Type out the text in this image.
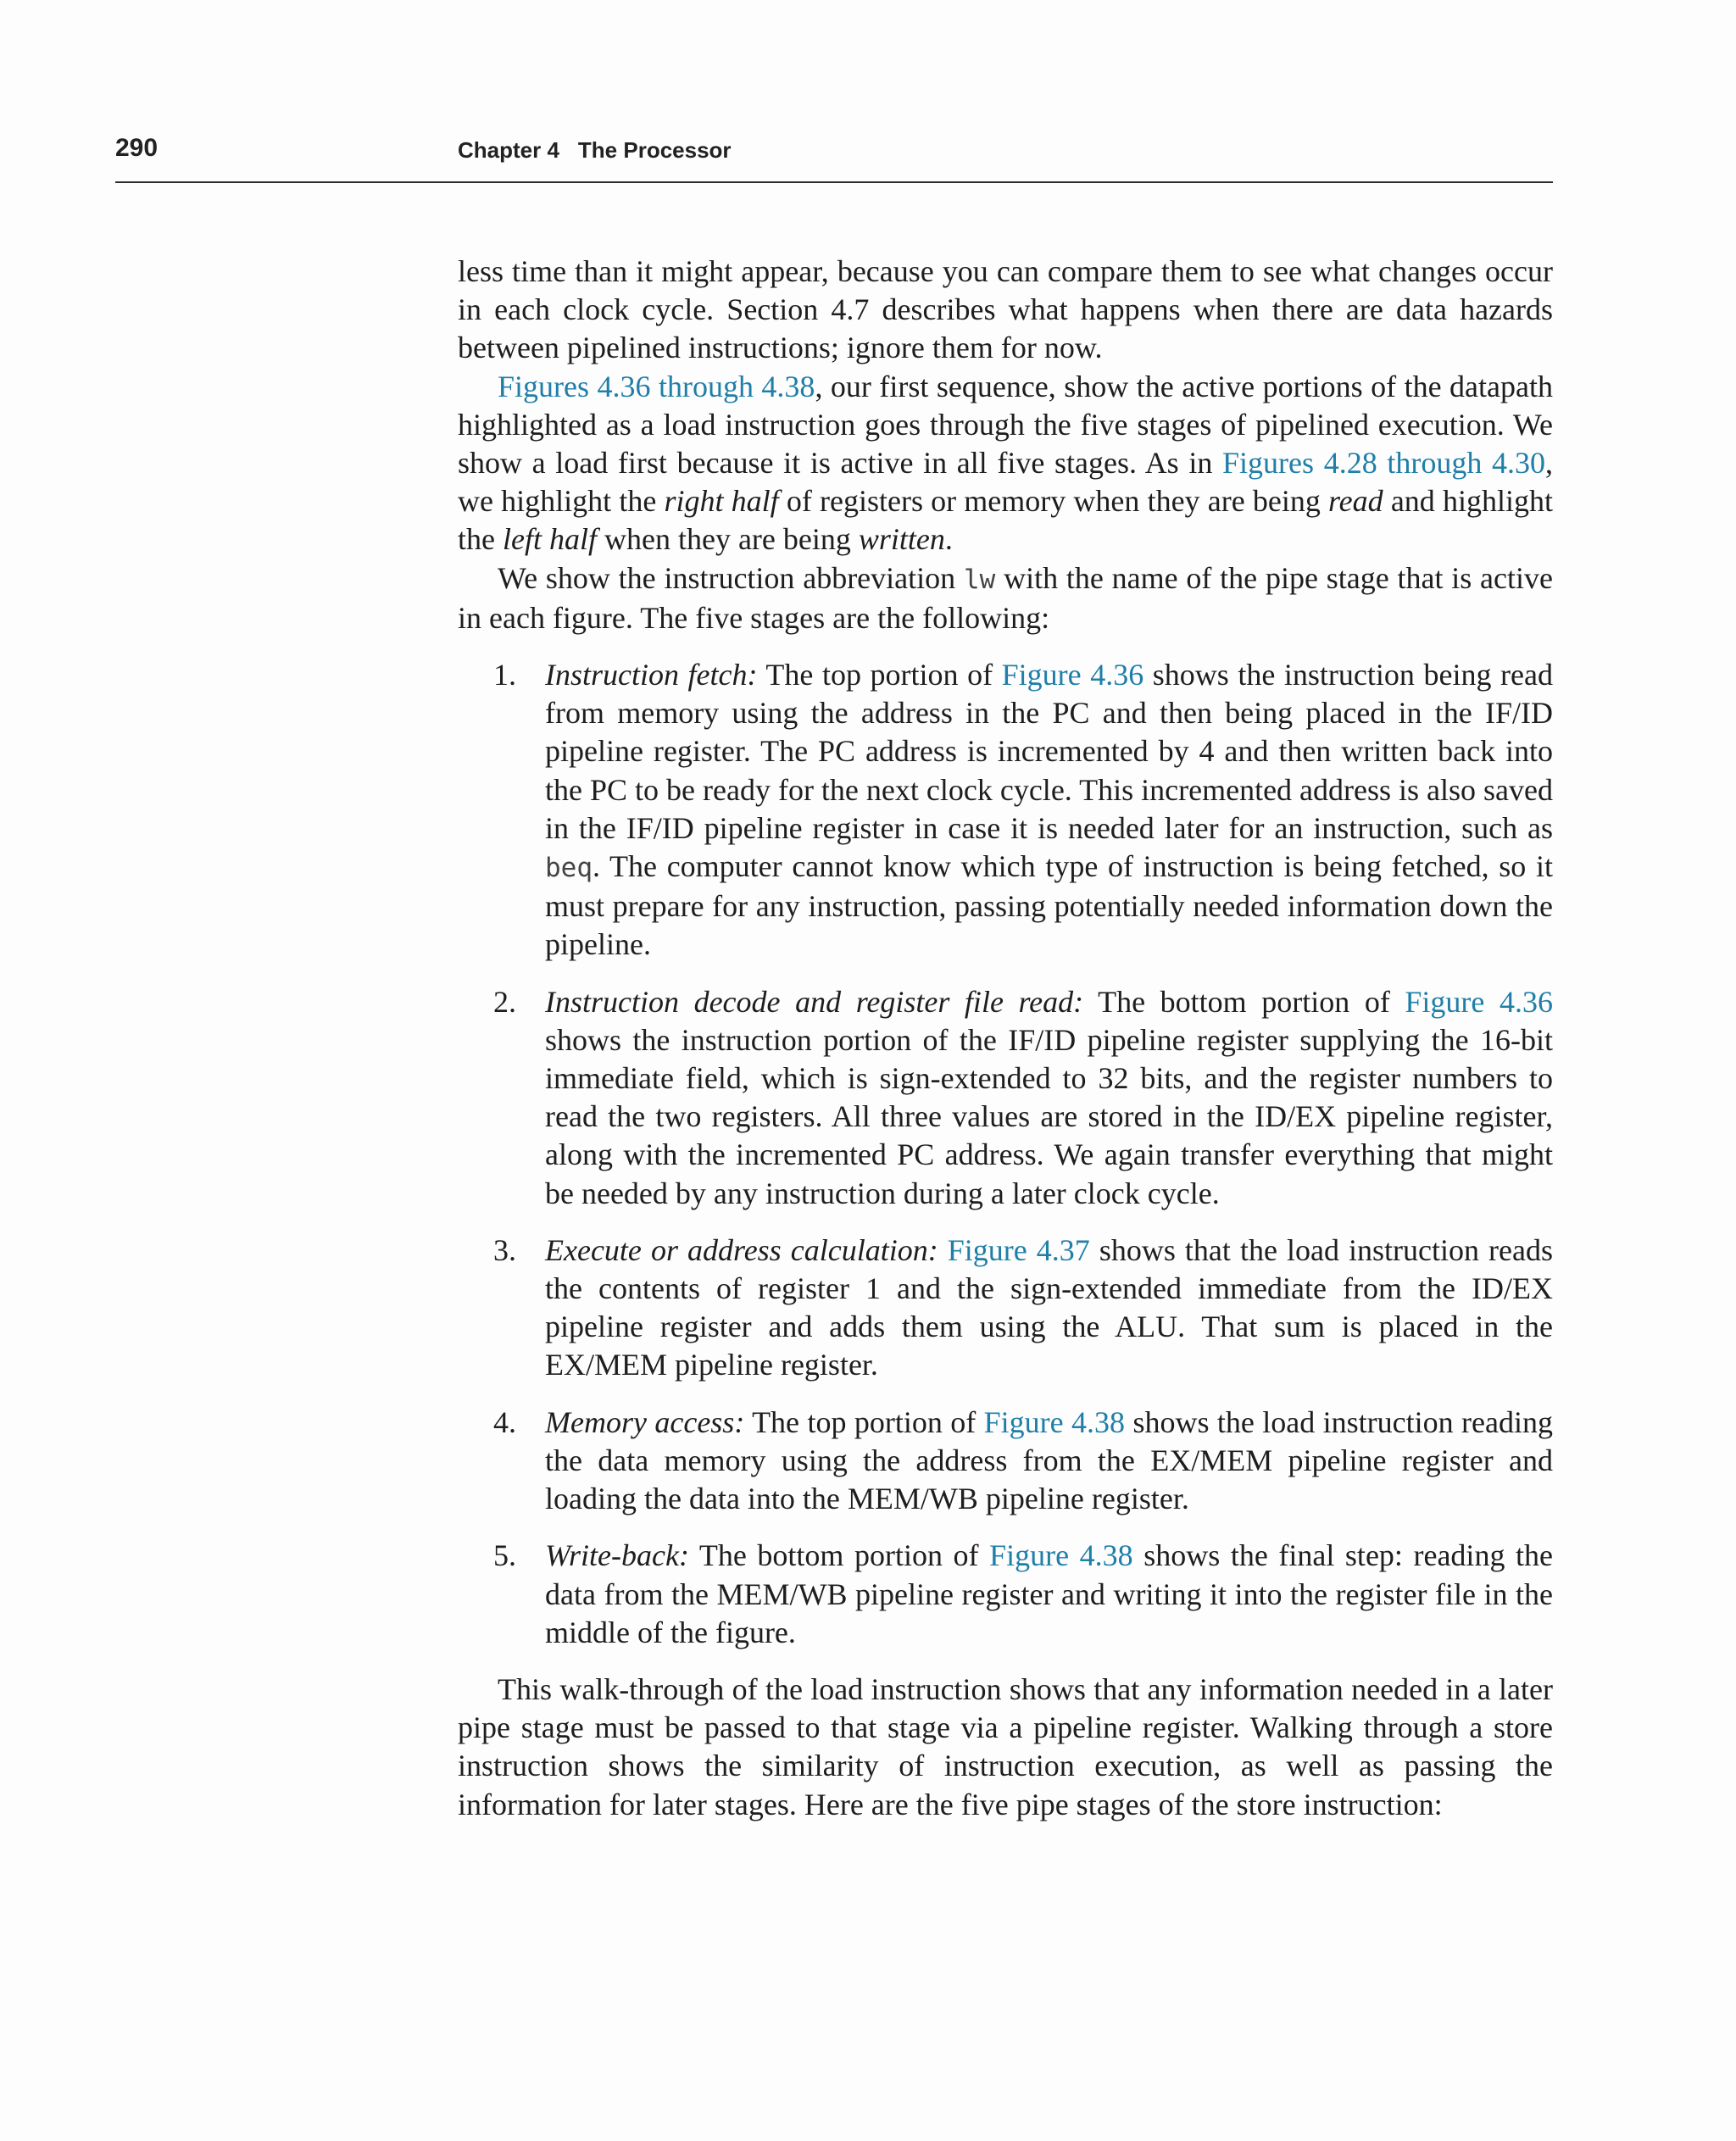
290	Chapter 4 The Processor

less time than it might appear, because you can compare them to see what changes occur in each clock cycle. Section 4.7 describes what happens when there are data hazards between pipelined instructions; ignore them for now.

Figures 4.36 through 4.38, our first sequence, show the active portions of the datapath highlighted as a load instruction goes through the five stages of pipelined execution. We show a load first because it is active in all five stages. As in Figures 4.28 through 4.30, we highlight the right half of registers or memory when they are being read and highlight the left half when they are being written.

We show the instruction abbreviation lw with the name of the pipe stage that is active in each figure. The five stages are the following:

1. Instruction fetch: The top portion of Figure 4.36 shows the instruction being read from memory using the address in the PC and then being placed in the IF/ID pipeline register. The PC address is incremented by 4 and then written back into the PC to be ready for the next clock cycle. This incremented address is also saved in the IF/ID pipeline register in case it is needed later for an instruction, such as beq. The computer cannot know which type of instruction is being fetched, so it must prepare for any instruction, passing potentially needed information down the pipeline.
2. Instruction decode and register file read: The bottom portion of Figure 4.36 shows the instruction portion of the IF/ID pipeline register supplying the 16-bit immediate field, which is sign-extended to 32 bits, and the register numbers to read the two registers. All three values are stored in the ID/EX pipeline register, along with the incremented PC address. We again transfer everything that might be needed by any instruction during a later clock cycle.
3. Execute or address calculation: Figure 4.37 shows that the load instruction reads the contents of register 1 and the sign-extended immediate from the ID/EX pipeline register and adds them using the ALU. That sum is placed in the EX/MEM pipeline register.
4. Memory access: The top portion of Figure 4.38 shows the load instruction reading the data memory using the address from the EX/MEM pipeline register and loading the data into the MEM/WB pipeline register.
5. Write-back: The bottom portion of Figure 4.38 shows the final step: reading the data from the MEM/WB pipeline register and writing it into the register file in the middle of the figure.

This walk-through of the load instruction shows that any information needed in a later pipe stage must be passed to that stage via a pipeline register. Walking through a store instruction shows the similarity of instruction execution, as well as passing the information for later stages. Here are the five pipe stages of the store instruction:
